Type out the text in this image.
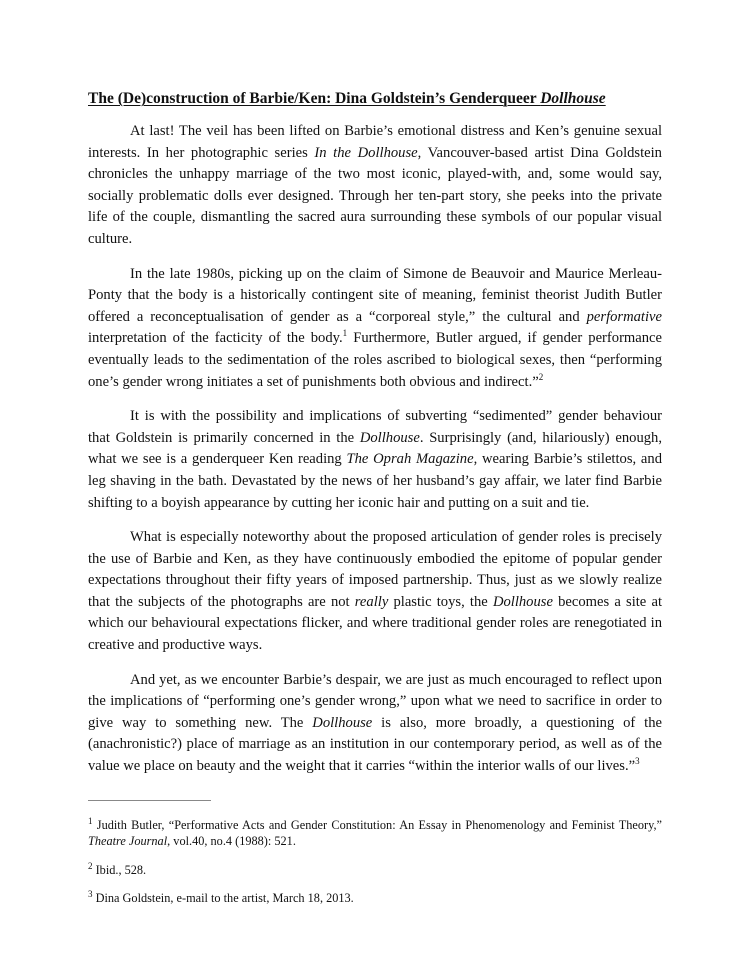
The (De)construction of Barbie/Ken: Dina Goldstein’s Genderqueer Dollhouse

At last! The veil has been lifted on Barbie’s emotional distress and Ken’s genuine sexual interests. In her photographic series In the Dollhouse, Vancouver-based artist Dina Goldstein chronicles the unhappy marriage of the two most iconic, played-with, and, some would say, socially problematic dolls ever designed. Through her ten-part story, she peeks into the private life of the couple, dismantling the sacred aura surrounding these symbols of our popular visual culture.

In the late 1980s, picking up on the claim of Simone de Beauvoir and Maurice Merleau-Ponty that the body is a historically contingent site of meaning, feminist theorist Judith Butler offered a reconceptualisation of gender as a “corporeal style,” the cultural and performative interpretation of the facticity of the body.$^1$ Furthermore, Butler argued, if gender performance eventually leads to the sedimentation of the roles ascribed to biological sexes, then “performing one’s gender wrong initiates a set of punishments both obvious and indirect.”$^2$

It is with the possibility and implications of subverting “sedimented” gender behaviour that Goldstein is primarily concerned in the Dollhouse. Surprisingly (and, hilariously) enough, what we see is a genderqueer Ken reading The Oprah Magazine, wearing Barbie’s stilettos, and leg shaving in the bath. Devastated by the news of her husband’s gay affair, we later find Barbie shifting to a boyish appearance by cutting her iconic hair and putting on a suit and tie.

What is especially noteworthy about the proposed articulation of gender roles is precisely the use of Barbie and Ken, as they have continuously embodied the epitome of popular gender expectations throughout their fifty years of imposed partnership. Thus, just as we slowly realize that the subjects of the photographs are not really plastic toys, the Dollhouse becomes a site at which our behavioural expectations flicker, and where traditional gender roles are renegotiated in creative and productive ways.

And yet, as we encounter Barbie’s despair, we are just as much encouraged to reflect upon the implications of “performing one’s gender wrong,” upon what we need to sacrifice in order to give way to something new. The Dollhouse is also, more broadly, a questioning of the (anachronistic?) place of marriage as an institution in our contemporary period, as well as of the value we place on beauty and the weight that it carries “within the interior walls of our lives.”$^3$

$^1$ Judith Butler, “Performative Acts and Gender Constitution: An Essay in Phenomenology and Feminist Theory,” Theatre Journal, vol.40, no.4 (1988): 521.

$^2$ Ibid., 528.

$^3$ Dina Goldstein, e-mail to the artist, March 18, 2013.
